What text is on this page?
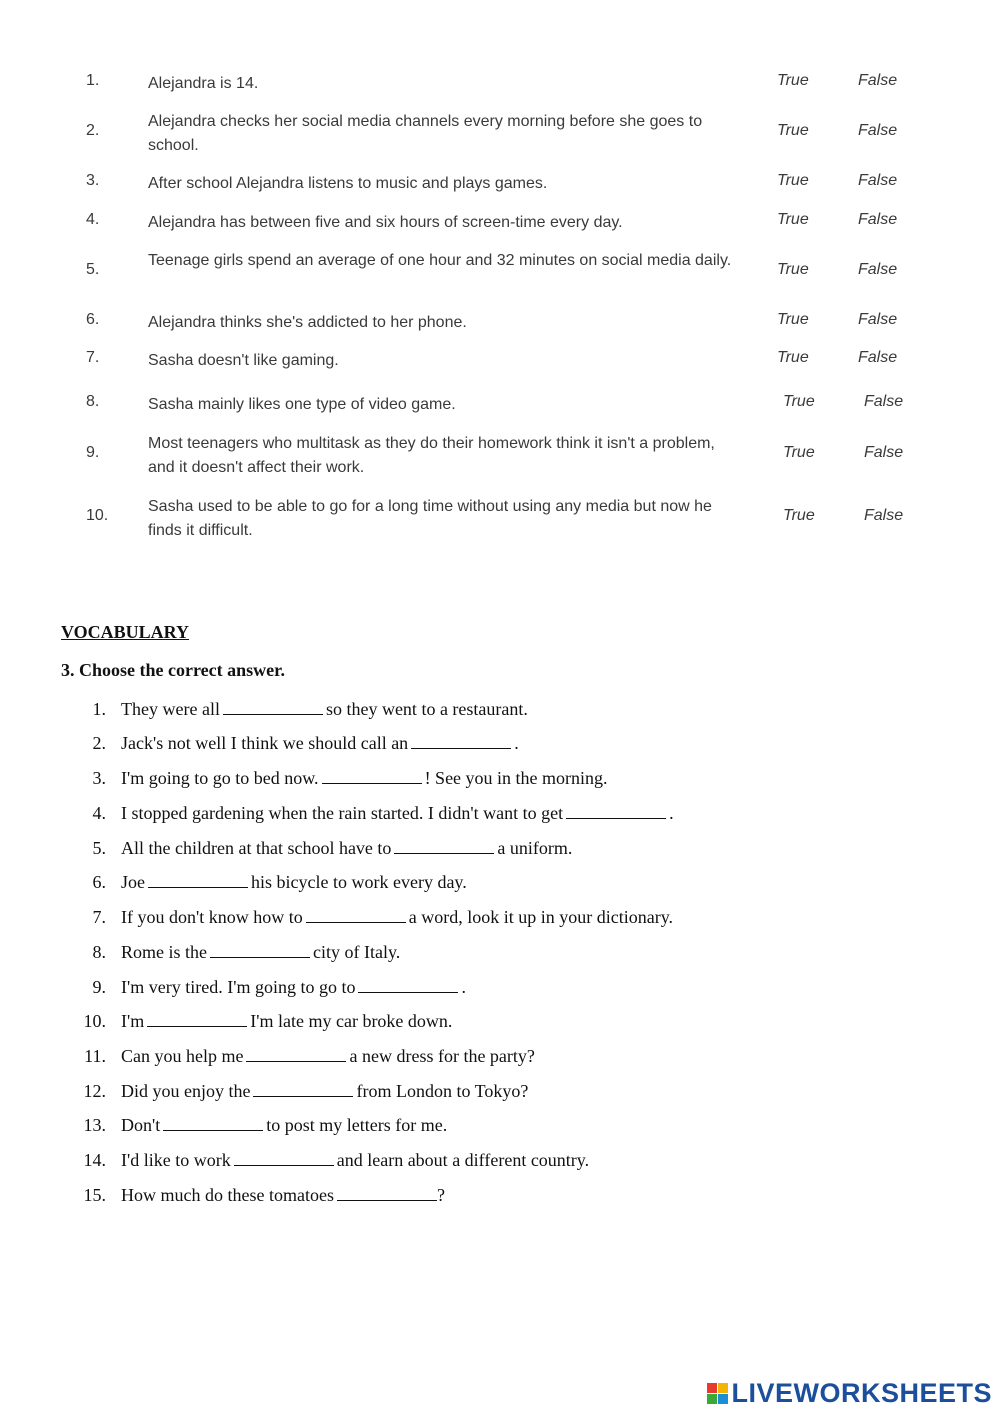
1.	Alejandra is 14.	True	False
2.
Alejandra checks her social media channels every morning before she goes to school.
True	False
3.	After school Alejandra listens to music and plays games.	True	False
4.	Alejandra has between five and six hours of screen-time every day.	True	False
5.
Teenage girls spend an average of one hour and 32 minutes on social media daily.
True	False
6.	Alejandra thinks she's addicted to her phone.	True	False
7.	Sasha doesn't like gaming.	True	False
8.	Sasha mainly likes one type of video game.	True	False
9.
Most teenagers who multitask as they do their homework think it isn't a problem, and it doesn't affect their work.
True	False
10.
Sasha used to be able to go for a long time without using any media but now he finds it difficult.
True	False
VOCABULARY
3. Choose the correct answer.
1. They were all	so they went to a restaurant.
2. Jack's not well I think we should call an	.
3. I'm going to go to bed now.	! See you in the morning.
4. I stopped gardening when the rain started. I didn't want to get	.
5. All the children at that school have to	a uniform.
6. Joe	his bicycle to work every day.
7. If you don't know how to	a word, look it up in your dictionary.
8. Rome is the	city of Italy.
9. I'm very tired. I'm going to go to	.
10. I'm	I'm late my car broke down.
11. Can you help me	a new dress for the party?
12. Did you enjoy the	from London to Tokyo?
13. Don't	to post my letters for me.
14. I'd like to work	and learn about a different country.
15. How much do these tomatoes	?
LIVEWORKSHEETS
